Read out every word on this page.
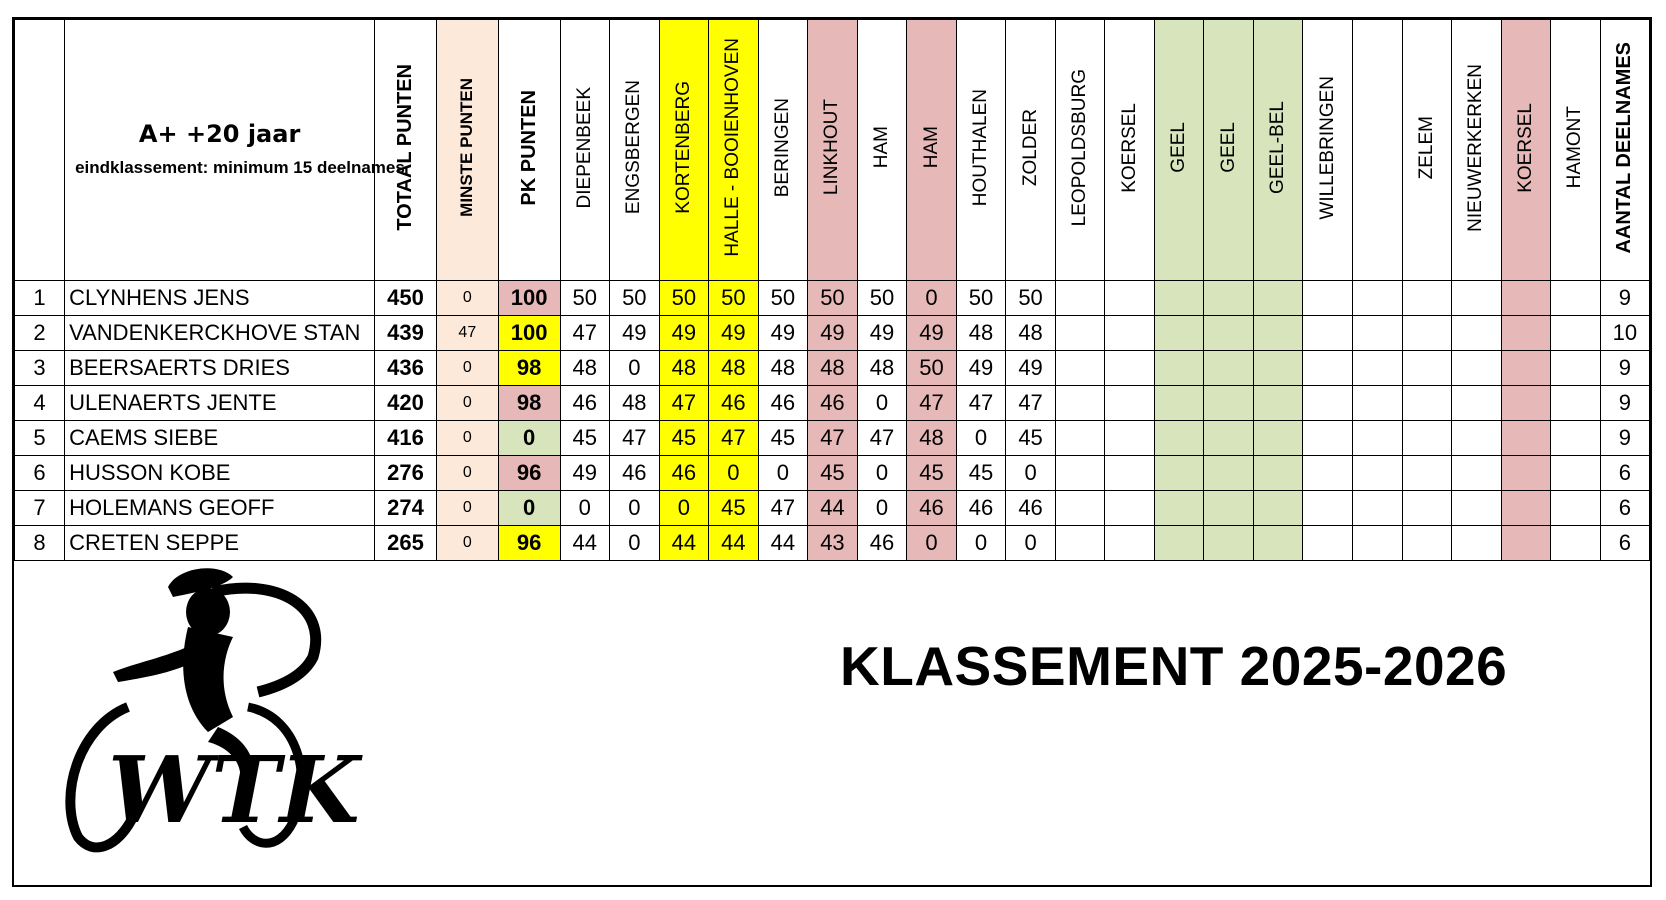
	A+ +20 jaar
eindklassement: minimum 15 deelnames	TOTAAL PUNTEN	MINSTE PUNTEN	PK PUNTEN	DIEPENBEEK	ENGSBERGEN	KORTENBERG	HALLE - BOOIENHOVEN	BERINGEN	LINKHOUT	HAM	HAM	HOUTHALEN	ZOLDER	LEOPOLDSBURG	KOERSEL	GEEL	GEEL	GEEL-BEL	WILLEBRINGEN		ZELEM	NIEUWERKERKEN	KOERSEL	HAMONT	AANTAL DEELNAMES
1	CLYNHENS JENS	450	0	100	50	50	50	50	50	50	50	0	50	50												9
2	VANDENKERCKHOVE STAN	439	47	100	47	49	49	49	49	49	49	49	48	48												10
3	BEERSAERTS DRIES	436	0	98	48	0	48	48	48	48	48	50	49	49												9
4	ULENAERTS JENTE	420	0	98	46	48	47	46	46	46	0	47	47	47												9
5	CAEMS SIEBE	416	0	0	45	47	45	47	45	47	47	48	0	45												9
6	HUSSON KOBE	276	0	96	49	46	46	0	0	45	0	45	45	0												6
7	HOLEMANS GEOFF	274	0	0	0	0	0	45	47	44	0	46	46	46												6
8	CRETEN SEPPE	265	0	96	44	0	44	44	44	43	46	0	0	0												6
WTK
KLASSEMENT 2025-2026
